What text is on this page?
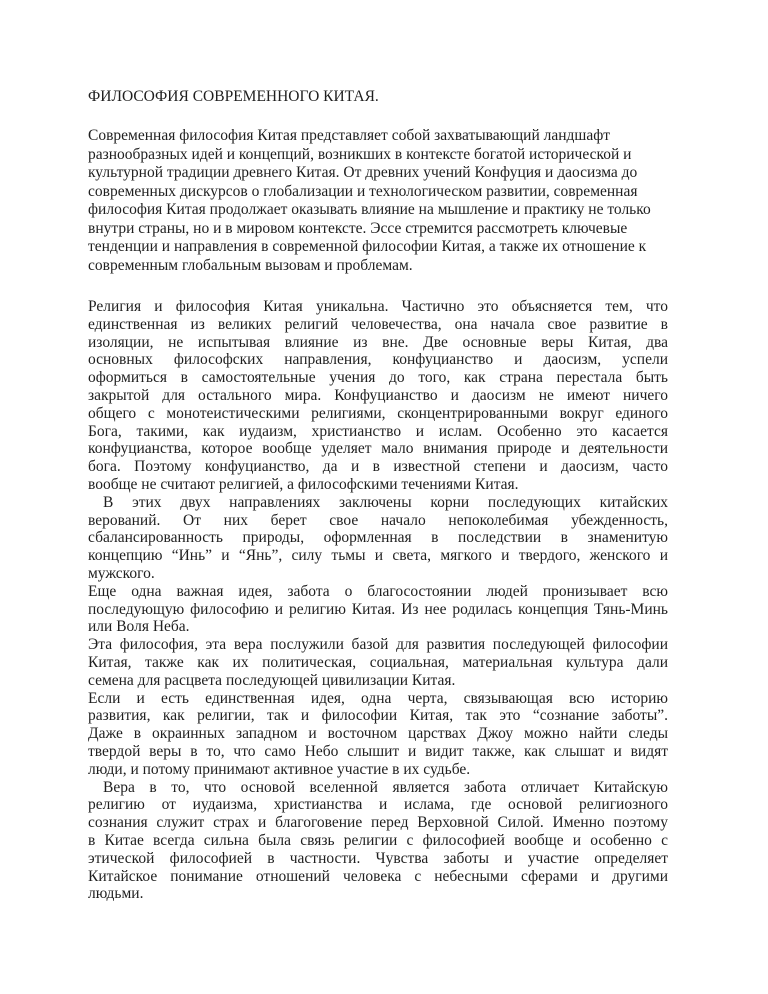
ФИЛОСОФИЯ СОВРЕМЕННОГО КИТАЯ.
Современная философия Китая представляет собой захватывающий ландшафт
разнообразных идей и концепций, возникших в контексте богатой исторической и
культурной традиции древнего Китая. От древних учений Конфуция и даосизма до
современных дискурсов о глобализации и технологическом развитии, современная
философия Китая продолжает оказывать влияние на мышление и практику не только
внутри страны, но и в мировом контексте. Эссе стремится рассмотреть ключевые
тенденции и направления в современной философии Китая, а также их отношение к
современным глобальным вызовам и проблемам.
Религия и философия Китая уникальна. Частично это объясняется тем, что
единственная из великих религий человечества, она начала свое развитие в
изоляции, не испытывая влияние из вне. Две основные веры Китая, два
основных философских направления, конфуцианство и даосизм, успели
оформиться в самостоятельные учения до того, как страна перестала быть
закрытой для остального мира. Конфуцианство и даосизм не имеют ничего
общего с монотеистическими религиями, сконцентрированными вокруг единого
Бога, такими, как иудаизм, христианство и ислам. Особенно это касается
конфуцианства, которое вообще уделяет мало внимания природе и деятельности
бога. Поэтому конфуцианство, да и в известной степени и даосизм, часто
вообще не считают религией, а философскими течениями Китая.
В этих двух направлениях заключены корни последующих китайских
верований. От них берет свое начало непоколебимая убежденность,
сбалансированность природы, оформленная в последствии в знаменитую
концепцию “Инь” и “Янь”, силу тьмы и света, мягкого и твердого, женского и
мужского.
Еще одна важная идея, забота о благосостоянии людей пронизывает всю
последующую философию и религию Китая. Из нее родилась концепция Тянь-Минь
или Воля Неба.
Эта философия, эта вера послужили базой для развития последующей философии
Китая, также как их политическая, социальная, материальная культура дали
семена для расцвета последующей цивилизации Китая.
Если и есть единственная идея, одна черта, связывающая всю историю
развития, как религии, так и философии Китая, так это “сознание заботы”.
Даже в окраинных западном и восточном царствах Джоу можно найти следы
твердой веры в то, что само Небо слышит и видит также, как слышат и видят
люди, и потому принимают активное участие в их судьбе.
Вера в то, что основой вселенной является забота отличает Китайскую
религию от иудаизма, христианства и ислама, где основой религиозного
сознания служит страх и благоговение перед Верховной Силой. Именно поэтому
в Китае всегда сильна была связь религии с философией вообще и особенно с
этической философией в частности. Чувства заботы и участие определяет
Китайское понимание отношений человека с небесными сферами и другими
людьми.
